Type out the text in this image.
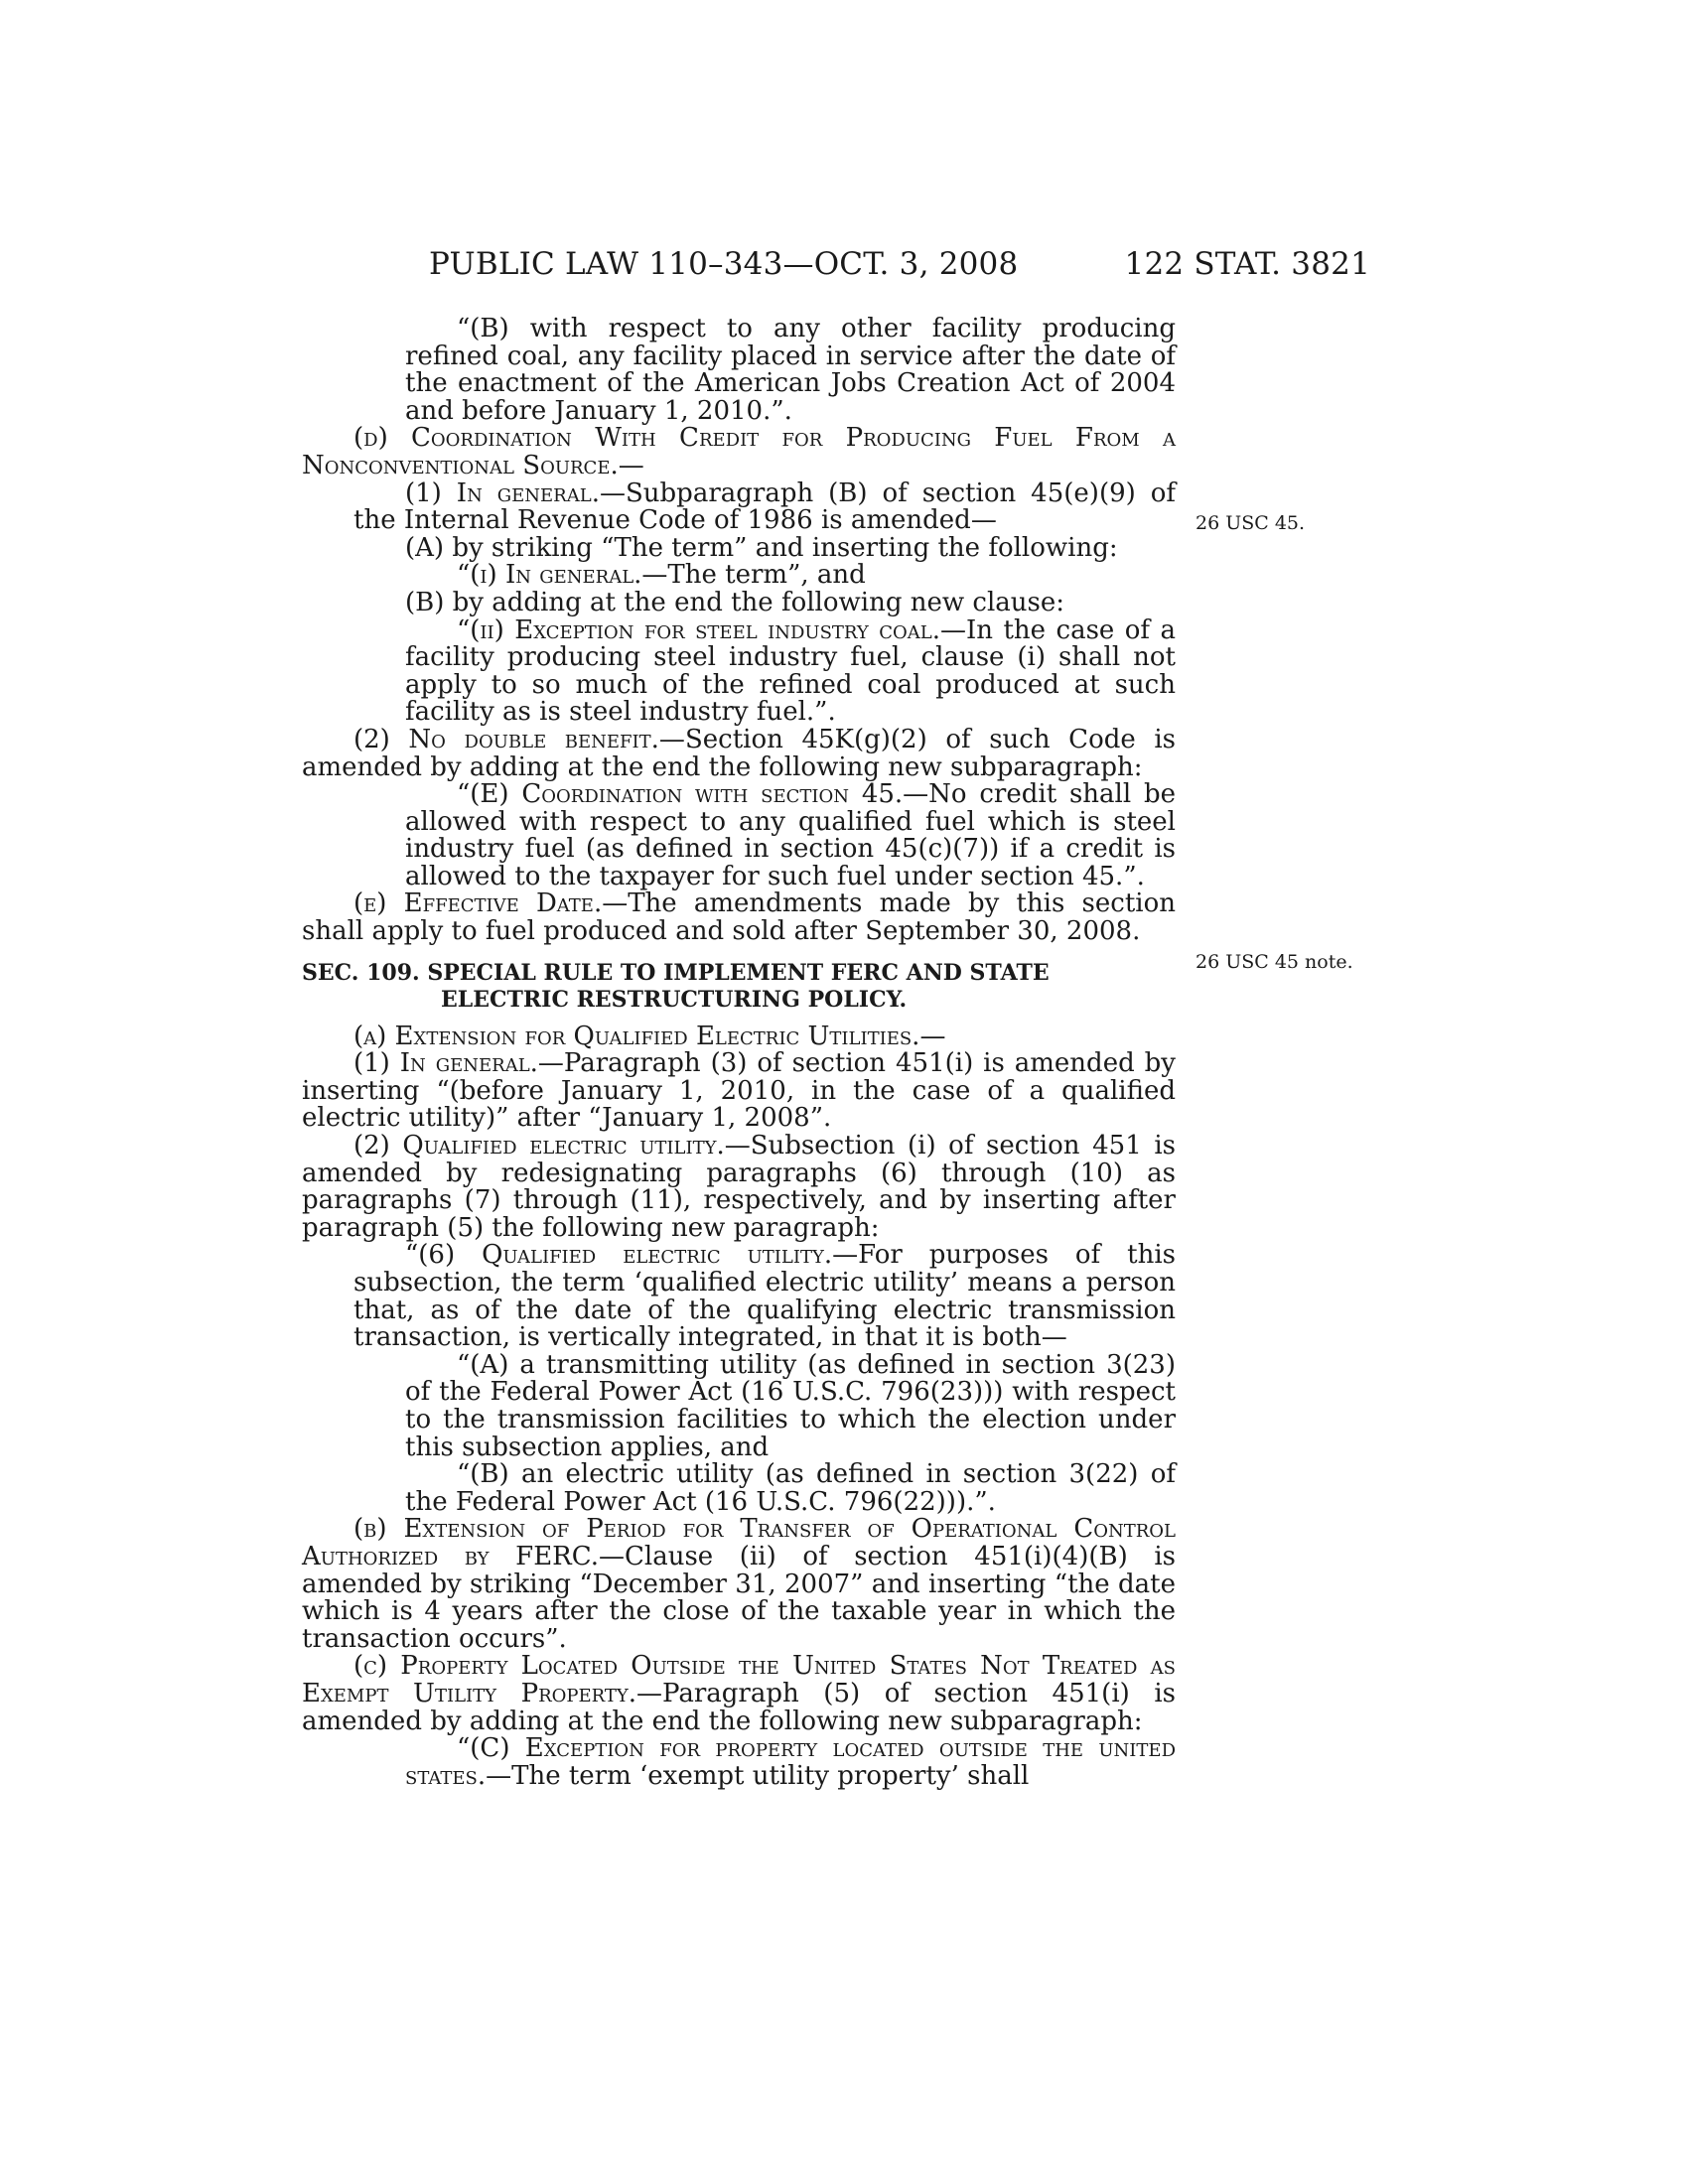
PUBLIC LAW 110–343—OCT. 3, 2008	122 STAT. 3821
26 USC 45.
26 USC 45 note.

“(B) with respect to any other facility producing refined coal, any facility placed in service after the date of the enactment of the American Jobs Creation Act of 2004 and before January 1, 2010.”.

(d) Coordination With Credit for Producing Fuel From a Nonconventional Source.—

(1) In general.—Subparagraph (B) of section 45(e)(9) of the Internal Revenue Code of 1986 is amended—

(A) by striking “The term” and inserting the following:

“(i) In general.—The term”, and

(B) by adding at the end the following new clause:

“(ii) Exception for steel industry coal.—In the case of a facility producing steel industry fuel, clause (i) shall not apply to so much of the refined coal produced at such facility as is steel industry fuel.”.

(2) No double benefit.—Section 45K(g)(2) of such Code is amended by adding at the end the following new subparagraph:

“(E) Coordination with section 45.—No credit shall be allowed with respect to any qualified fuel which is steel industry fuel (as defined in section 45(c)(7)) if a credit is allowed to the taxpayer for such fuel under section 45.”.

(e) Effective Date.—The amendments made by this section shall apply to fuel produced and sold after September 30, 2008.

SEC. 109. SPECIAL RULE TO IMPLEMENT FERC AND STATE ELECTRIC RESTRUCTURING POLICY.

(a) Extension for Qualified Electric Utilities.—

(1) In general.—Paragraph (3) of section 451(i) is amended by inserting “(before January 1, 2010, in the case of a qualified electric utility)” after “January 1, 2008”.

(2) Qualified electric utility.—Subsection (i) of section 451 is amended by redesignating paragraphs (6) through (10) as paragraphs (7) through (11), respectively, and by inserting after paragraph (5) the following new paragraph:

“(6) Qualified electric utility.—For purposes of this subsection, the term ‘qualified electric utility’ means a person that, as of the date of the qualifying electric transmission transaction, is vertically integrated, in that it is both—

“(A) a transmitting utility (as defined in section 3(23) of the Federal Power Act (16 U.S.C. 796(23))) with respect to the transmission facilities to which the election under this subsection applies, and

“(B) an electric utility (as defined in section 3(22) of the Federal Power Act (16 U.S.C. 796(22))).”.

(b) Extension of Period for Transfer of Operational Control Authorized by FERC.—Clause (ii) of section 451(i)(4)(B) is amended by striking “December 31, 2007” and inserting “the date which is 4 years after the close of the taxable year in which the transaction occurs”.

(c) Property Located Outside the United States Not Treated as Exempt Utility Property.—Paragraph (5) of section 451(i) is amended by adding at the end the following new subparagraph:

“(C) Exception for property located outside the united states.—The term ‘exempt utility property’ shall
